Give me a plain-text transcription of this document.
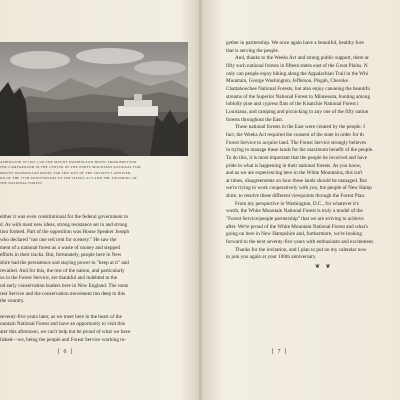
ASHINGTON IN 1847 ] ON THE MOUNT WASHINGTON HOTEL FROM BRETTON
THE CAMPGROUND IN THE CENTER OF THE WHITE MOUNTAIN NATIONAL FOR-
MOUNT WASHINGTON HOTEL FOR THE SITE OF THE SOCIETY'S ANNIVER-
ON OF THE 75TH ANNIVERSARY OF THE WEEKS ACT AND THE FOUNDING OF
THE NATIONAL FOREST
either it was even constitutional for the federal government to
d. As with most new ideas, strong resistance set in and strong
tion formed. Part of the opposition was House Speaker Joseph
who declared "not one red cent for scenery." He saw the
ment of a national forest as a waste of money and stepped
efforts in their tracks. But, fortunately, people here in New
shire had the persistence and staying power to "keep at it" and
revailed. And for this, the rest of the nation, and particularly
us in the Forest Service, are thankful and indebted to the
nd early conservation leaders here in New England. The roots
rest Service and the conservation movement run deep to this
the country.

seventy-five years later, as we meet here in the heart of the
ountain National Forest and have an opportunity to visit this
ater this afternoon, we can't help but be proud of what we have
lished—we, being the people and Forest Service working to-
[ 6 ]
gether in partnership. We once again have a beautiful, healthy fore
that is serving the people.
And, thanks to the Weeks Act and strong public support, there ar
fifty such national forests in fifteen states east of the Great Plains. N
only can people enjoy hiking along the Appalachian Trail in the Whi
Mountain, George Washington, Jefferson, Pisgah, Cheroke
Chattahoochee National Forests, but also enjoy canoeing the beautifu
streams of the Superior National Forest in Minnesota, hunting among
loblolly pine and cypress flats of the Kisatchie National Forest i
Louisiana, and camping and picnicking in any one of the fifty nation
forests throughout the East.
These national forests in the East were created by the people. I
fact, the Weeks Act required the consent of the state in order for th
Forest Service to acquire land. The Forest Service strongly believes
in trying to manage these lands for the maximum benefit of the people.
To do this, it is most important that the people be involved and have
pride in what is happening in their national forests. As you know,
and as we are experiencing here in the White Mountains, this isn't
at times, disagreements on how these lands should be managed. But
we're trying to work cooperatively with you, the people of New Hamp
shire, to resolve these different viewpoints through the Forest Plan.
From my perspective in Washington, D.C., for whatever it's
worth, the White Mountain National Forest is truly a model of the
"Forest Service/people partnership" that we are striving to achieve
after. We're proud of the White Mountain National Forest and what's
going on here in New Hampshire and, furthermore, we're looking
forward to the next seventy-five years with enthusiasm and excitement.
Thanks for the invitation, and I plan to put on my calendar now
to join you again at your 100th anniversary.
❦ ❦
[ 7 ]
